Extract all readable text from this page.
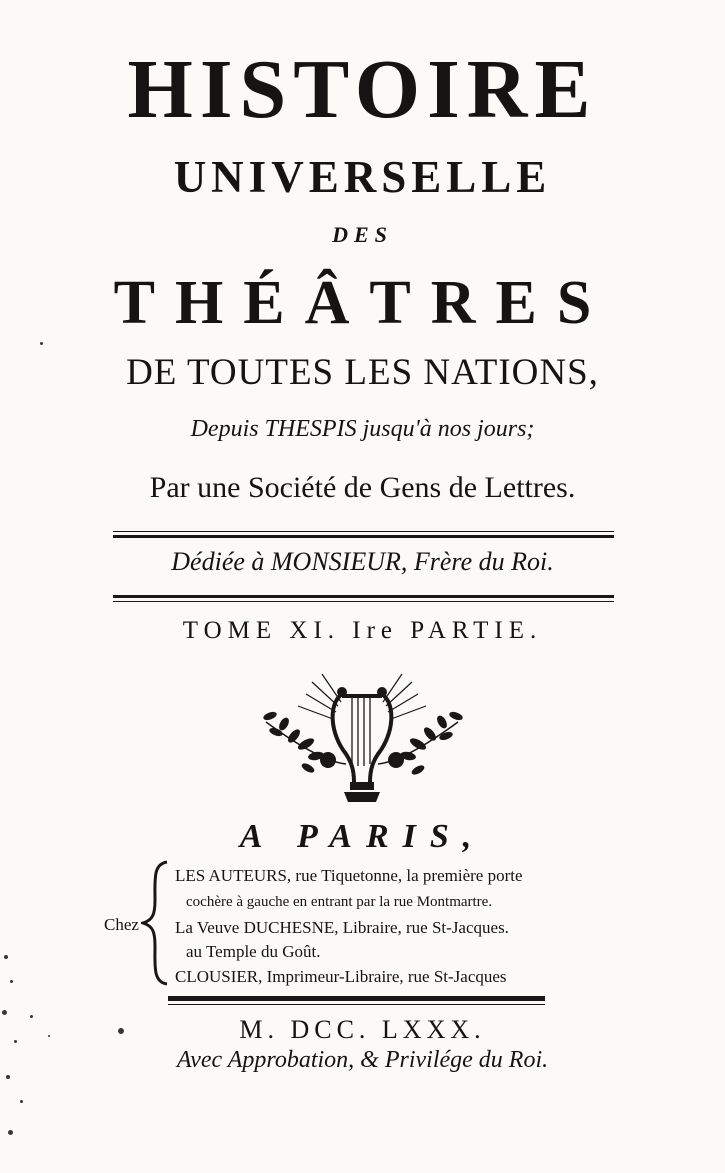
HISTOIRE
UNIVERSELLE
DES
THÉÂTRES
DE TOUTES LES NATIONS,
Depuis THESPIS jusqu'à nos jours;
Par une Société de Gens de Lettres.
Dédiée à MONSIEUR, Frère du Roi.
TOME XI. Ire PARTIE.
A PARIS,
Chez
LES AUTEURS, rue Tiquetonne, la première porte
cochère à gauche en entrant par la rue Montmartre.
La Veuve DUCHESNE, Libraire, rue St-Jacques.
au Temple du Goût.
CLOUSIER, Imprimeur-Libraire, rue St-Jacques
M. DCC. LXXX.
Avec Approbation, & Privilége du Roi.
